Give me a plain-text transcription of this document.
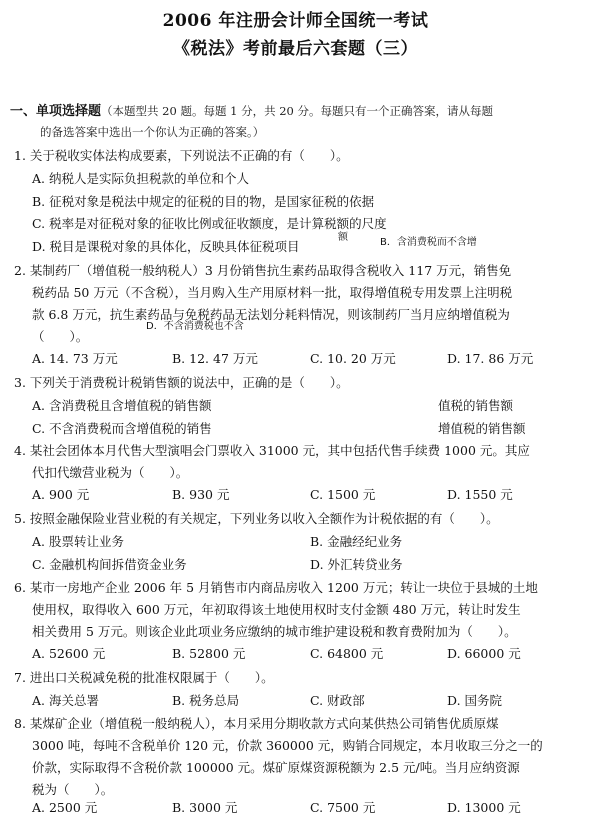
2006 年注册会计师全国统一考试
《税法》考前最后六套题（三）
一、单项选择题（本题型共 20 题。每题 1 分，共 20 分。每题只有一个正确答案，请从每题
的备选答案中选出一个你认为正确的答案。）
1. 关于税收实体法构成要素，下列说法不正确的有（　　）。
A. 纳税人是实际负担税款的单位和个人
B. 征税对象是税法中规定的征税的目的物，是国家征税的依据
C. 税率是对征税对象的征收比例或征收额度，是计算税额的尺度
D. 税目是课税对象的具体化，反映具体征税项目
额	B．含消费税而不含增
2. 某制药厂（增值税一般纳税人）3 月份销售抗生素药品取得含税收入 117 万元，销售免
税药品 50 万元（不含税），当月购入生产用原材料一批，取得增值税专用发票上注明税
款 6.8 万元，抗生素药品与免税药品无法划分耗料情况，则该制药厂当月应纳增值税为
（　　）。
D．不含消费税也不含
A. 14. 73 万元	B. 12. 47 万元	C. 10. 20 万元	D. 17. 86 万元
3. 下列关于消费税计税销售额的说法中，正确的是（　　）。
A. 含消费税且含增值税的销售额	值税的销售额
C. 不含消费税而含增值税的销售	增值税的销售额
4. 某社会团体本月代售大型演唱会门票收入 31000 元，其中包括代售手续费 1000 元。其应
代扣代缴营业税为（　　）。
A. 900 元	B. 930 元	C. 1500 元	D. 1550 元
5. 按照金融保险业营业税的有关规定，下列业务以收入全额作为计税依据的有（　　）。
A. 股票转让业务	B. 金融经纪业务
C. 金融机构间拆借资金业务	D. 外汇转贷业务
6. 某市一房地产企业 2006 年 5 月销售市内商品房收入 1200 万元；转让一块位于县城的土地
使用权，取得收入 600 万元，年初取得该土地使用权时支付金额 480 万元，转让时发生
相关费用 5 万元。则该企业此项业务应缴纳的城市维护建设税和教育费附加为（　　）。
A. 52600 元	B. 52800 元	C. 64800 元	D. 66000 元
7. 进出口关税减免税的批准权限属于（　　）。
A. 海关总署	B. 税务总局	C. 财政部	D. 国务院
8. 某煤矿企业（增值税一般纳税人），本月采用分期收款方式向某供热公司销售优质原煤
3000 吨，每吨不含税单价 120 元，价款 360000 元，购销合同规定，本月收取三分之一的
价款，实际取得不含税价款 100000 元。煤矿原煤资源税额为 2.5 元/吨。当月应纳资源
税为（　　）。
A. 2500 元	B. 3000 元	C. 7500 元	D. 13000 元
